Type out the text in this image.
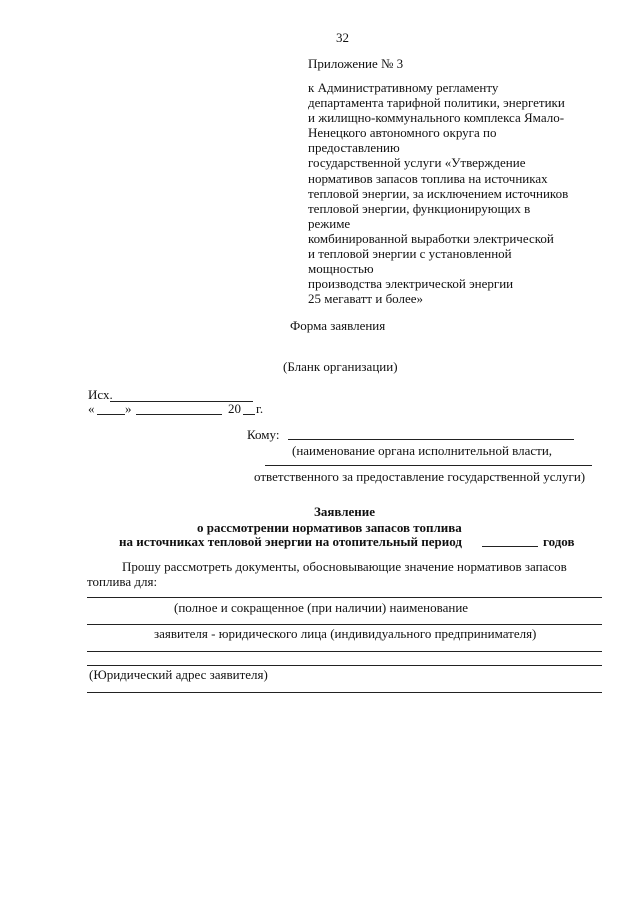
32
Приложение № 3
к Административному регламенту
департамента тарифной политики, энергетики
и жилищно-коммунального комплекса Ямало-
Ненецкого автономного округа по
предоставлению
государственной услуги «Утверждение
нормативов запасов топлива на источниках
тепловой энергии, за исключением источников
тепловой энергии, функционирующих в
режиме
комбинированной выработки электрической
и тепловой энергии с установленной
мощностью
производства электрической энергии
25 мегаватт и более»
Форма заявления
(Бланк организации)
Исх.
« »	20 г.
Кому:
(наименование органа исполнительной власти,
ответственного за предоставление государственной услуги)
Заявление
о рассмотрении нормативов запасов топлива
на источниках тепловой энергии на отопительный период	годов
Прошу рассмотреть документы, обосновывающие значение нормативов запасов
топлива для:
(полное и сокращенное (при наличии) наименование
заявителя - юридического лица (индивидуального предпринимателя)
(Юридический адрес заявителя)
